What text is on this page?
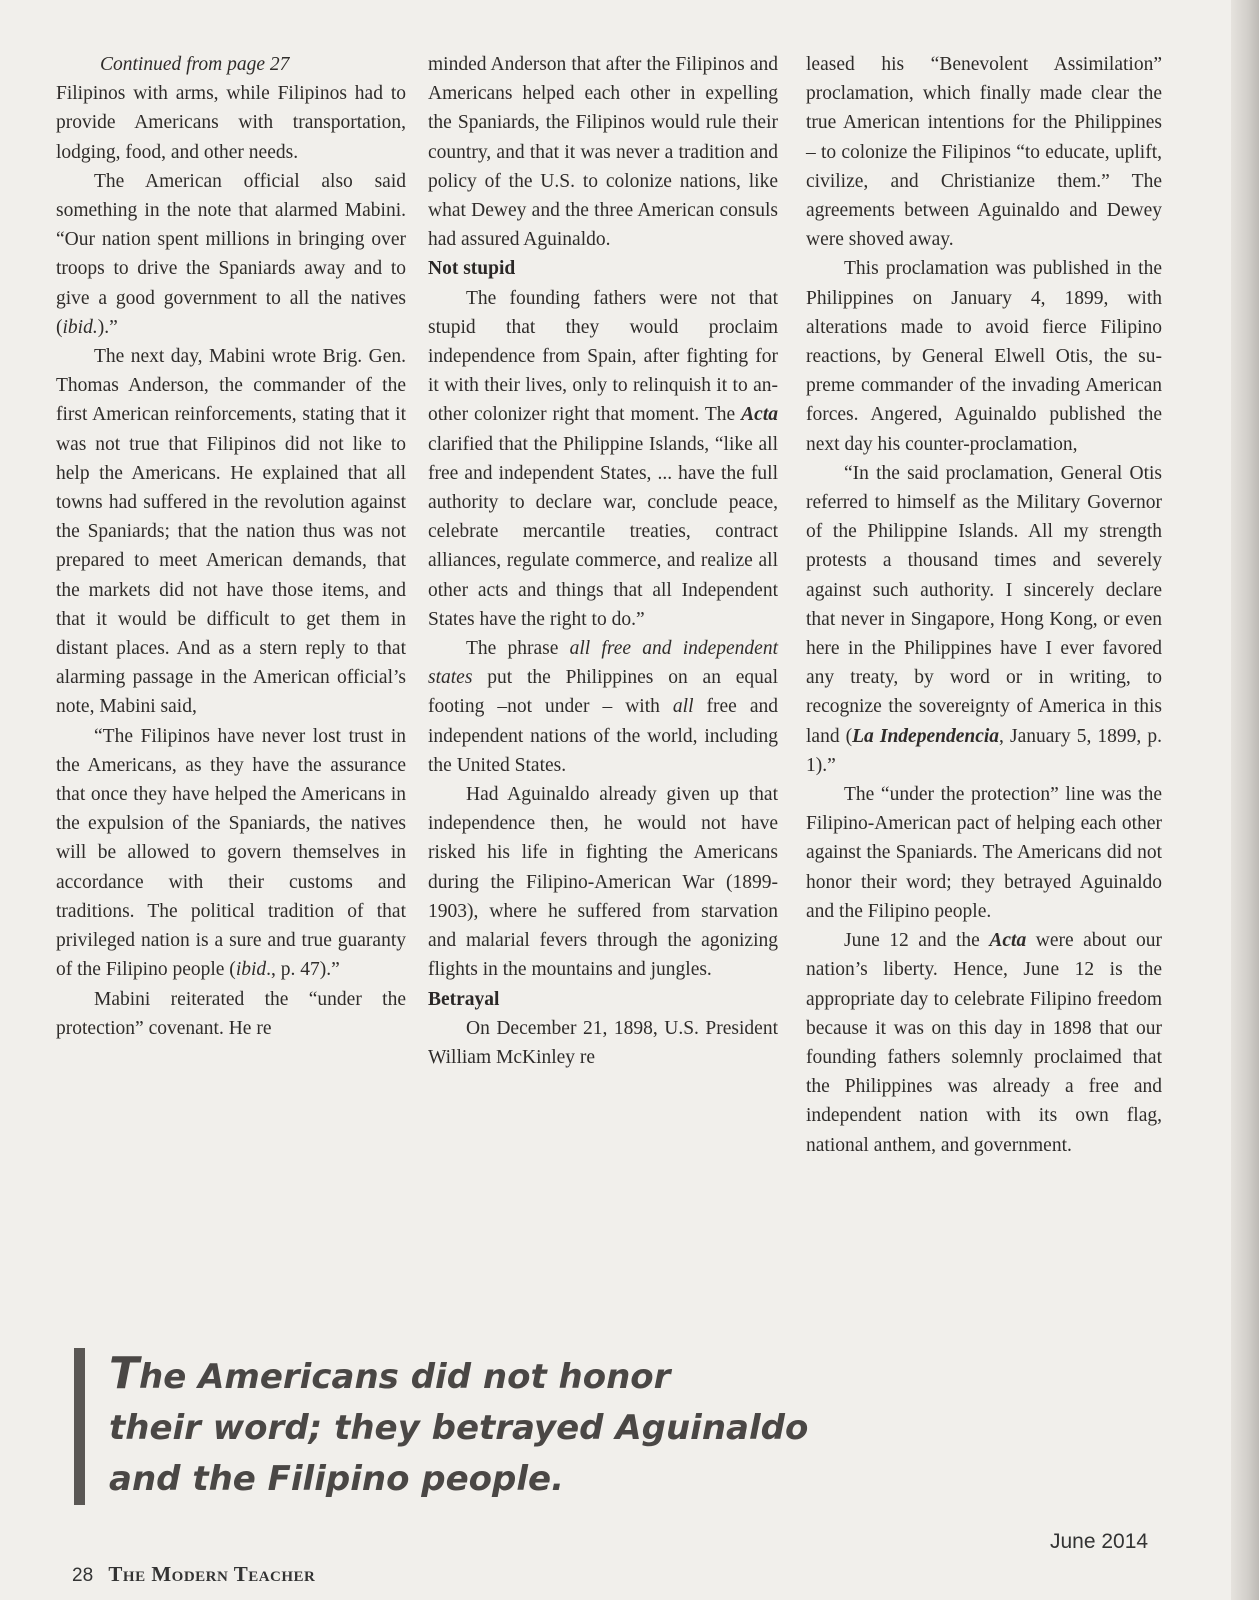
Continued from page 27

Filipinos with arms, while Filipinos had to provide Americans with transportation, lodging, food, and other needs.

The American official also said something in the note that alarmed Mabini. “Our nation spent millions in bringing over troops to drive the Spaniards away and to give a good government to all the natives (ibid.).”

The next day, Mabini wrote Brig. Gen. Thomas Anderson, the commander of the first American reinforcements, stating that it was not true that Filipinos did not like to help the Americans. He explained that all towns had suffered in the revolution against the Spaniards; that the nation thus was not prepared to meet American demands, that the markets did not have those items, and that it would be difficult to get them in distant places. And as a stern reply to that alarming passage in the American official’s note, Mabini said,

“The Filipinos have never lost trust in the Americans, as they have the assurance that once they have helped the Americans in the expulsion of the Spaniards, the natives will be allowed to govern themselves in accordance with their customs and traditions. The political tradition of that privileged nation is a sure and true guaranty of the Filipino people (ibid., p. 47).”

Mabini reiterated the “under the protection” covenant. He re

minded Anderson that after the Filipinos and Americans helped each other in expelling the Spaniards, the Filipinos would rule their country, and that it was never a tradition and policy of the U.S. to colonize nations, like what Dewey and the three American consuls had assured Aguinaldo.

Not stupid

The founding fathers were not that stupid that they would proclaim independence from Spain, after fighting for it with their lives, only to relinquish it to another colonizer right that moment. The Acta clarified that the Philippine Islands, “like all free and independent States, ... have the full authority to declare war, conclude peace, celebrate mercantile treaties, contract alliances, regulate commerce, and realize all other acts and things that all Independent States have the right to do.”

The phrase all free and independent states put the Philippines on an equal footing –not under – with all free and independent nations of the world, including the United States.

Had Aguinaldo already given up that independence then, he would not have risked his life in fighting the Americans during the Filipino-American War (1899-1903), where he suffered from starvation and malarial fevers through the agonizing flights in the mountains and jungles.

Betrayal

On December 21, 1898, U.S. President William McKinley re

leased his “Benevolent Assimilation” proclamation, which finally made clear the true American intentions for the Philippines – to colonize the Filipinos “to educate, uplift, civilize, and Christianize them.” The agreements between Aguinaldo and Dewey were shoved away.

This proclamation was published in the Philippines on January 4, 1899, with alterations made to avoid fierce Filipino reactions, by General Elwell Otis, the supreme commander of the invading American forces. Angered, Aguinaldo published the next day his counter-proclamation,

“In the said proclamation, General Otis referred to himself as the Military Governor of the Philippine Islands. All my strength protests a thousand times and severely against such authority. I sincerely declare that never in Singapore, Hong Kong, or even here in the Philippines have I ever favored any treaty, by word or in writing, to recognize the sovereignty of America in this land (La Independencia, January 5, 1899, p. 1).”

The “under the protection” line was the Filipino-American pact of helping each other against the Spaniards. The Americans did not honor their word; they betrayed Aguinaldo and the Filipino people.

June 12 and the Acta were about our nation’s liberty. Hence, June 12 is the appropriate day to celebrate Filipino freedom because it was on this day in 1898 that our founding fathers solemnly proclaimed that the Philippines was already a free and independent nation with its own flag, national anthem, and government.

The Americans did not honor
their word; they betrayed Aguinaldo
and the Filipino people.
28 The Modern Teacher
June 2014
